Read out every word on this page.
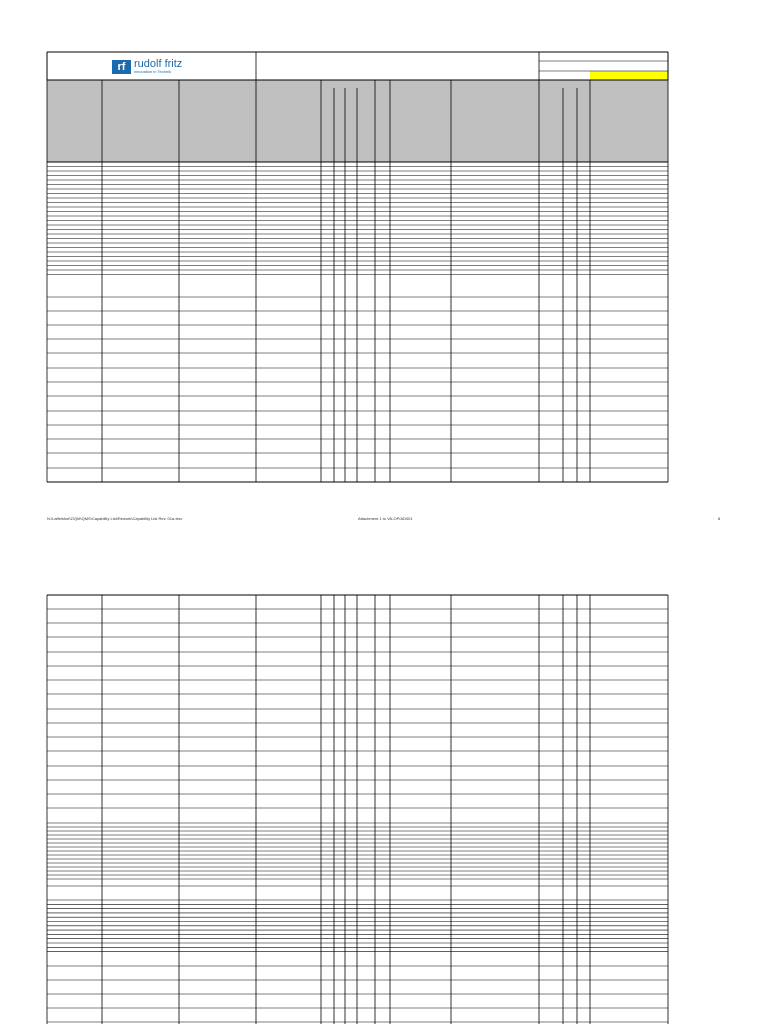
rf rudolf fritz
innovation in Technik
N:\Laffelshof\Z\QM\QMS\Capability List\Rework\Capability List Rev. 01a.xlsx	Attachment 1 to VA-OP/AD001	8
